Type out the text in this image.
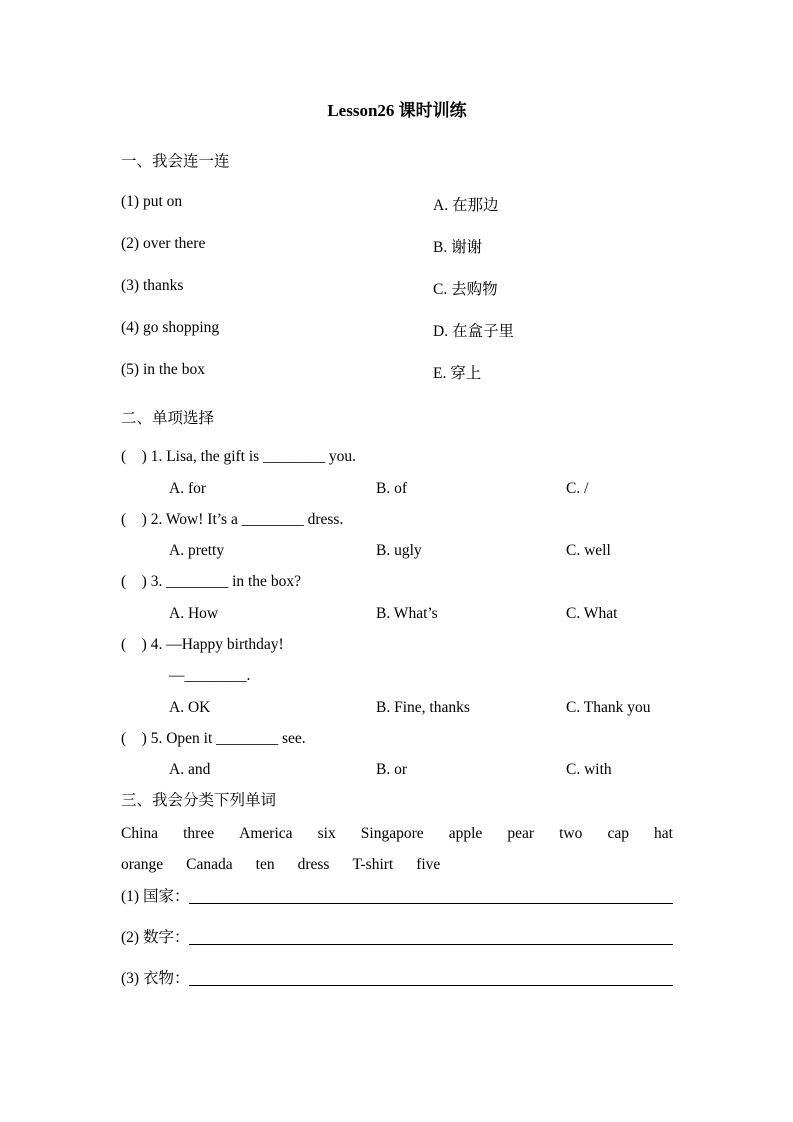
Lesson26 课时训练
一、我会连一连
(1) put on	A. 在那边
(2) over there	B. 谢谢
(3) thanks	C. 去购物
(4) go shopping	D. 在盒子里
(5) in the box	E. 穿上
二、单项选择
(　) 1. Lisa, the gift is ________ you.
A. for	B. of	C. /
(　) 2. Wow! It’s a ________ dress.
A. pretty	B. ugly	C. well
(　) 3. ________ in the box?
A. How	B. What’s	C. What
(　) 4. —Happy birthday!
—________.
A. OK	B. Fine, thanks	C. Thank you
(　) 5. Open it ________ see.
A. and	B. or	C. with
三、我会分类下列单词
China three America six Singapore apple pear two cap hat
orange Canada ten dress T-shirt five
(1) 国家：
(2) 数字：
(3) 衣物：
